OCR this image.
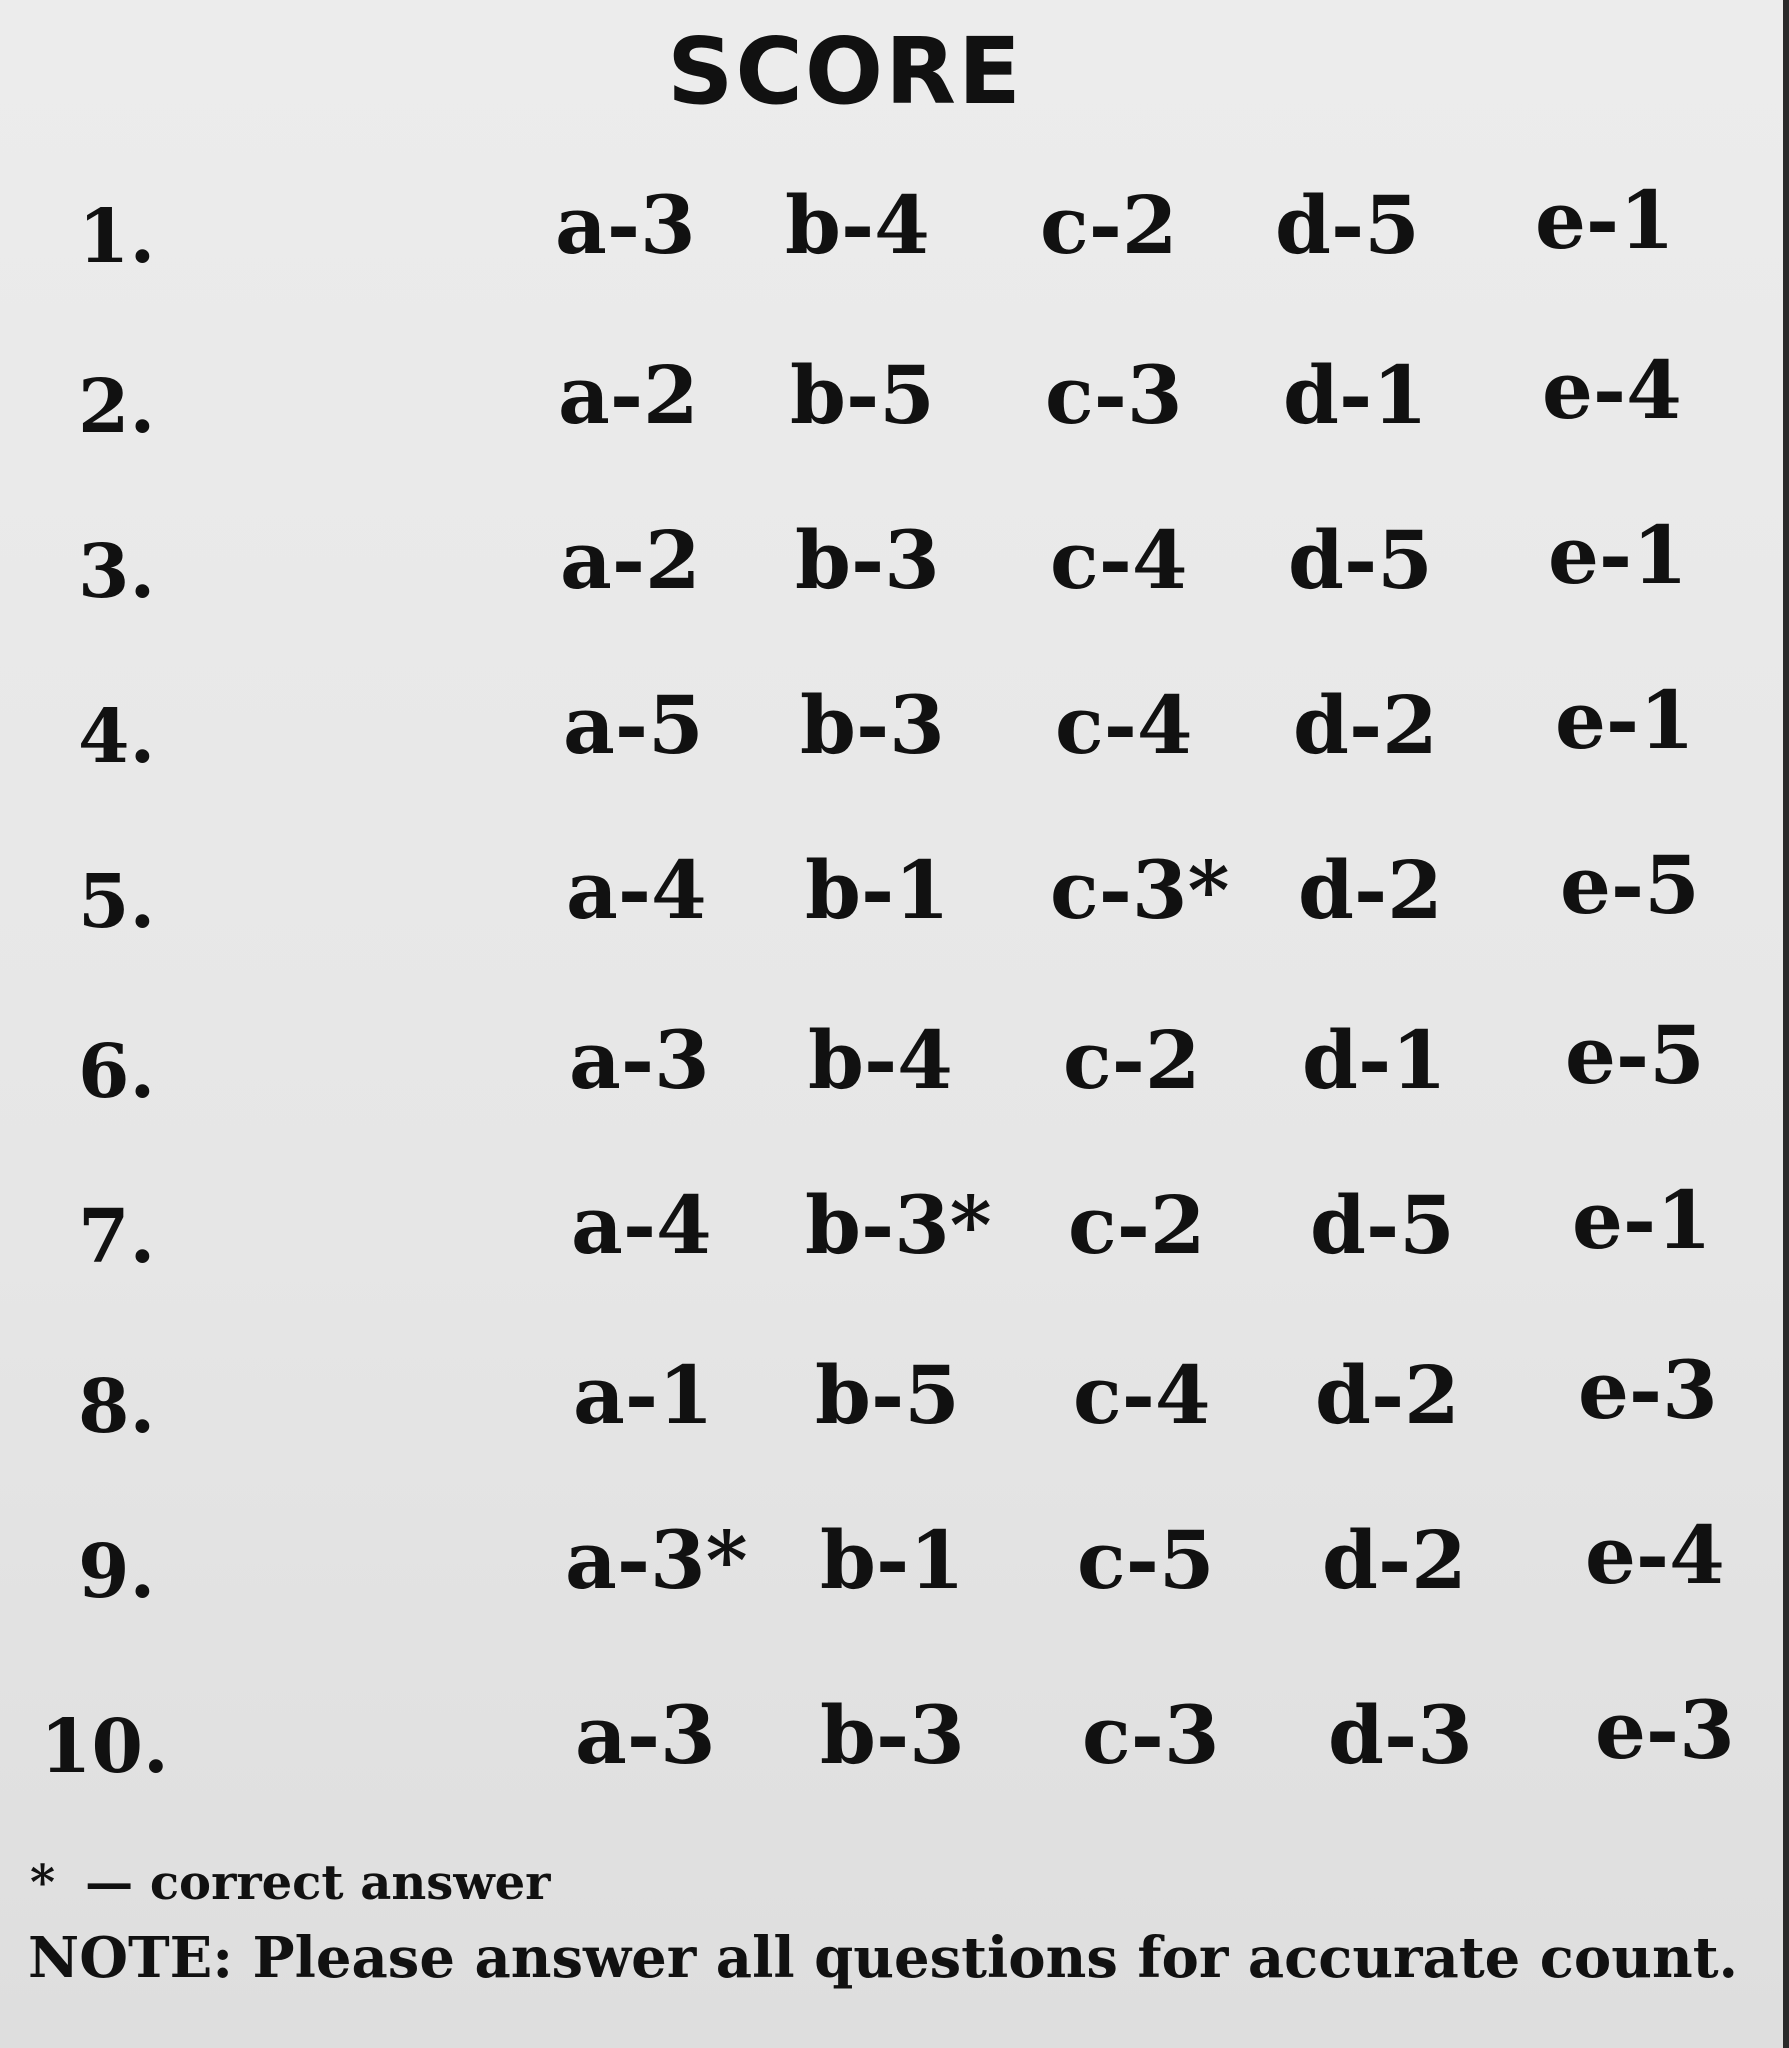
SCORE
1.	a-3 b-4 c-2 d-5 e-1
2.	a-2 b-5 c-3 d-1 e-4
3.	a-2 b-3 c-4 d-5 e-1
4.	a-5 b-3 c-4 d-2 e-1
5.	a-4 b-1 c-3* d-2 e-5
6.	a-3 b-4 c-2 d-1 e-5
7.	a-4 b-3* c-2 d-5 e-1
8.	a-1 b-5 c-4 d-2 e-3
9.	a-3* b-1 c-5 d-2 e-4
10.	a-3 b-3 c-3 d-3 e-3
* — correct answer
NOTE: Please answer all questions for accurate count.
